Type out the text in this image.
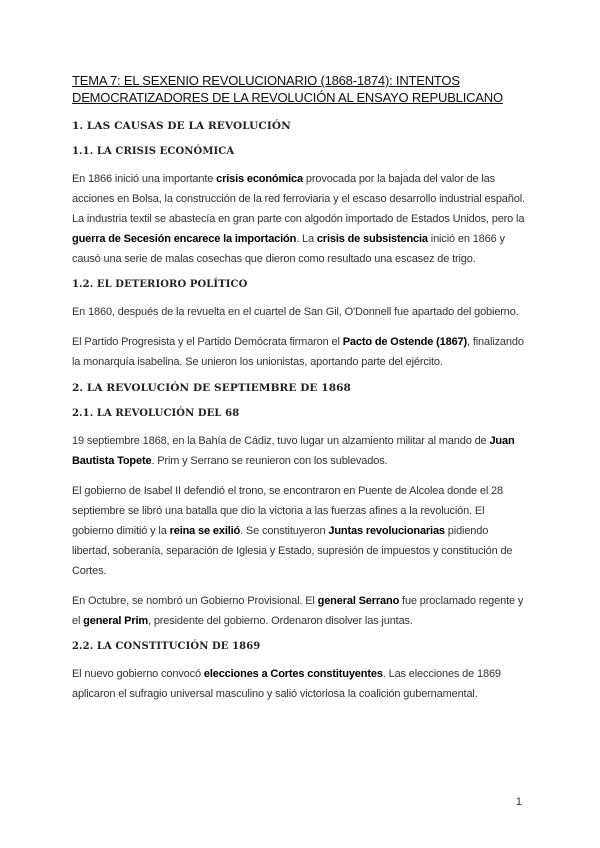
TEMA 7: EL SEXENIO REVOLUCIONARIO (1868-1874): INTENTOS DEMOCRATIZADORES DE LA REVOLUCIÓN AL ENSAYO REPUBLICANO
1. LAS CAUSAS DE LA REVOLUCIÓN
1.1. LA CRISIS ECONÓMICA

En 1866 inició una importante crisis económica provocada por la bajada del valor de las acciones en Bolsa, la construcción de la red ferroviaria y el escaso desarrollo industrial español. La industria textil se abastecía en gran parte con algodón importado de Estados Unidos, pero la guerra de Secesión encarece la importación. La crisis de subsistencia inició en 1866 y causó una serie de malas cosechas que dieron como resultado una escasez de trigo.

1.2. EL DETERIORO POLÍTICO

En 1860, después de la revuelta en el cuartel de San Gil, O'Donnell fue apartado del gobierno.

El Partido Progresista y el Partido Demócrata firmaron el Pacto de Ostende (1867), finalizando la monarquía isabelina. Se unieron los unionistas, aportando parte del ejército.

2. LA REVOLUCIÓN DE SEPTIEMBRE DE 1868
2.1. LA REVOLUCIÓN DEL 68

19 septiembre 1868, en la Bahía de Cádiz, tuvo lugar un alzamiento militar al mando de Juan Bautista Topete. Prim y Serrano se reunieron con los sublevados.

El gobierno de Isabel II defendió el trono, se encontraron en Puente de Alcolea donde el 28 septiembre se libró una batalla que dio la victoria a las fuerzas afines a la revolución. El gobierno dimitió y la reina se exilió. Se constituyeron Juntas revolucionarias pidiendo libertad, soberanía, separación de Iglesia y Estado, supresión de impuestos y constitución de Cortes.

En Octubre, se nombró un Gobierno Provisional. El general Serrano fue proclamado regente y el general Prim, presidente del gobierno. Ordenaron disolver las juntas.

2.2. LA CONSTITUCIÓN DE 1869

El nuevo gobierno convocó elecciones a Cortes constituyentes. Las elecciones de 1869 aplicaron el sufragio universal masculino y salió victoriosa la coalición gubernamental.

1
